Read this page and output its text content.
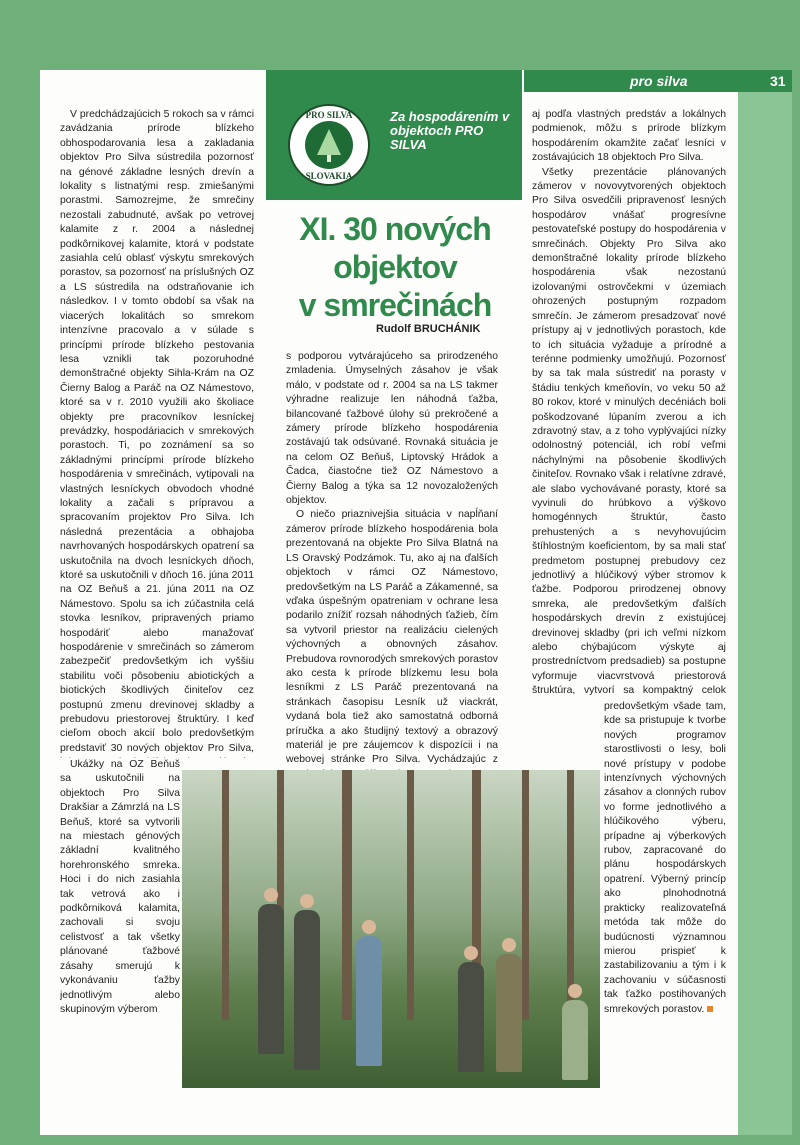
pro silva	31
PRO SILVA
SLOVAKIA
Za hospodárením v objektoch PRO SILVA
XI. 30 nových
objektov
v smrečinách
Rudolf BRUCHÁNIK

V predchádzajúcich 5 rokoch sa v rámci zavádzania prírode blízkeho obhospodarovania lesa a zakladania objektov Pro Silva sústredila pozornosť na génové základne lesných drevín a lokality s listnatými resp. zmiešanými porastmi. Samozrejme, že smrečiny nezostali zabudnuté, avšak po vetrovej kalamite z r. 2004 a následnej podkôrnikovej kalamite, ktorá v podstate zasiahla celú oblasť výskytu smrekových porastov, sa pozornosť na príslušných OZ a LS sústredila na odstraňovanie ich následkov. I v tomto období sa však na viacerých lokalitách so smrekom intenzívne pracovalo a v súlade s princípmi prírode blízkeho pestovania lesa vznikli tak pozoruhodné demonštračné objekty Sihla-Krám na OZ Čierny Balog a Paráč na OZ Námestovo, ktoré sa v r. 2010 využili ako školiace objekty pre pracovníkov lesníckej prevádzky, hospodáriacich v smrekových porastoch. Ti, po zoznámení sa so základnými princípmi prírode blízkeho hospodárenia v smrečinách, vytipovali na vlastných lesníckych obvodoch vhodné lokality a začali s prípravou a spracovaním projektov Pro Silva. Ich následná prezentácia a obhajoba navrhovaných hospodárskych opatrení sa uskutočnila na dvoch lesníckych dňoch, ktoré sa uskutočnili v dňoch 16. júna 2011 na OZ Beňuš a 21. júna 2011 na OZ Námestovo. Spolu sa ich zúčastnila celá stovka lesníkov, pripravených priamo hospodáriť alebo manažovať hospodárenie v smrečinách so zámerom zabezpečiť predovšetkým ich vyššiu stabilitu voči pôsobeniu abiotických a biotických škodlivých činiteľov cez postupnú zmenu drevinovej skladby a prebudovu priestorovej štruktúry. I keď cieľom oboch akcií bolo predovšetkým predstaviť 30 nových objektov Pro Silva,

Ukážky na OZ Beňuš sa uskutočnili na objektoch Pro Silva Drakšiar a Zámrzlá na LS Beňuš, ktoré sa vytvorili na miestach génových základní kvalitného horehronského smreka. Hoci i do nich zasiahla tak vetrová ako i podkôrniková kalamita, zachovali si svoju celistvosť a tak všetky plánované ťažbové zásahy smerujú k vykonávaniu ťažby jednotlivým alebo skupinovým výberom

s podporou vytvárajúceho sa prirodzeného zmladenia. Úmyselných zásahov je však málo, v podstate od r. 2004 sa na LS takmer výhradne realizuje len náhodná ťažba, bilancované ťažbové úlohy sú prekročené a zámery prírode blízkeho hospodárenia zostávajú tak odsúvané. Rovnaká situácia je na celom OZ Beňuš, Liptovský Hrádok a Čadca, čiastočne tiež OZ Námestovo a Čierny Balog a týka sa 12 novozaložených objektov.

O niečo priaznivejšia situácia v napĺňaní zámerov prírode blízkeho hospodárenia bola prezentovaná na objekte Pro Silva Blatná na LS Oravský Podzámok. Tu, ako aj na ďalších objektoch v rámci OZ Námestovo, predovšetkým na LS Paráč a Zákamenné, sa vďaka úspešným opatreniam v ochrane lesa podarilo znížiť rozsah náhodných ťažieb, čím sa vytvoril priestor na realizáciu cielených výchovných a obnovných zásahov. Prebudova rovnorodých smrekových porastov ako cesta k prírode blízkemu lesu bola lesníkmi z LS Paráč prezentovaná na stránkach časopisu Lesník už viackrát, vydaná bola tiež ako samostatná odborná príručka a ako študijný textový a obrazový materiál je pre záujemcov k dispozícii i na webovej stránke Pro Silva. Vychádzajúc z

aj podľa vlastných predstáv a lokálnych podmienok, môžu s prírode blízkym hospodárením okamžite začať lesníci v zostávajúcich 18 objektoch Pro Silva.

Všetky prezentácie plánovaných zámerov v novovytvorených objektoch Pro Silva osvedčili pripravenosť lesných hospodárov vnášať progresívne pestovateľské postupy do hospodárenia v smrečinách. Objekty Pro Silva ako demonštračné lokality prírode blízkeho hospodárenia však nezostanú izolovanými ostrovčekmi v územiach ohrozených postupným rozpadom smrečín. Je zámerom presadzovať nové prístupy aj v jednotlivých porastoch, kde to ich situácia vyžaduje a prírodné a terénne podmienky umožňujú. Pozornosť by sa tak mala sústrediť na porasty v štádiu tenkých kmeňovín, vo veku 50 až 80 rokov, ktoré v minulých decéniách boli poškodzované lúpaním zverou a ich zdravotný stav, a z toho vyplývajúci nízky odolnostný potenciál, ich robí veľmi náchylnými na pôsobenie škodlivých činiteľov. Rovnako však i relatívne zdravé, ale slabo vychovávané porasty, ktoré sa vyvinuli do hrúbkovo a výškovo homogénnych štruktúr, často prehustených a s nevyhovujúcim štíhlostným koeficientom, by sa mali stať predmetom postupnej prebudovy cez jednotlivý a hlúčikový výber stromov k ťažbe. Podporou prirodzenej obnovy smreka, ale predovšetkým ďalších hospodárskych drevín z existujúcej drevinovej skladby (pri ich veľmi nízkom alebo chýbajúcom výskyte aj prostredníctvom predsadieb) sa postupne vyformuje viacvrstvová priestorová štruktúra, vytvorí sa kompaktný celok

predovšetkým všade tam, kde sa pristupuje k tvorbe nových programov starostlivosti o lesy, boli nové prístupy v podobe intenzívnych výchovných zásahov a clonných rubov vo forme jednotlivého a hlúčikového výberu, prípadne aj výberkových rubov, zapracované do plánu hospodárskych opatrení. Výberný princíp ako plnohodnotná prakticky realizovateľná metóda tak môže do budúcnosti významnou mierou prispieť k zastabilizovaniu a tým i k zachovaniu v súčasnosti tak ťažko postihovaných smrekových porastov.
